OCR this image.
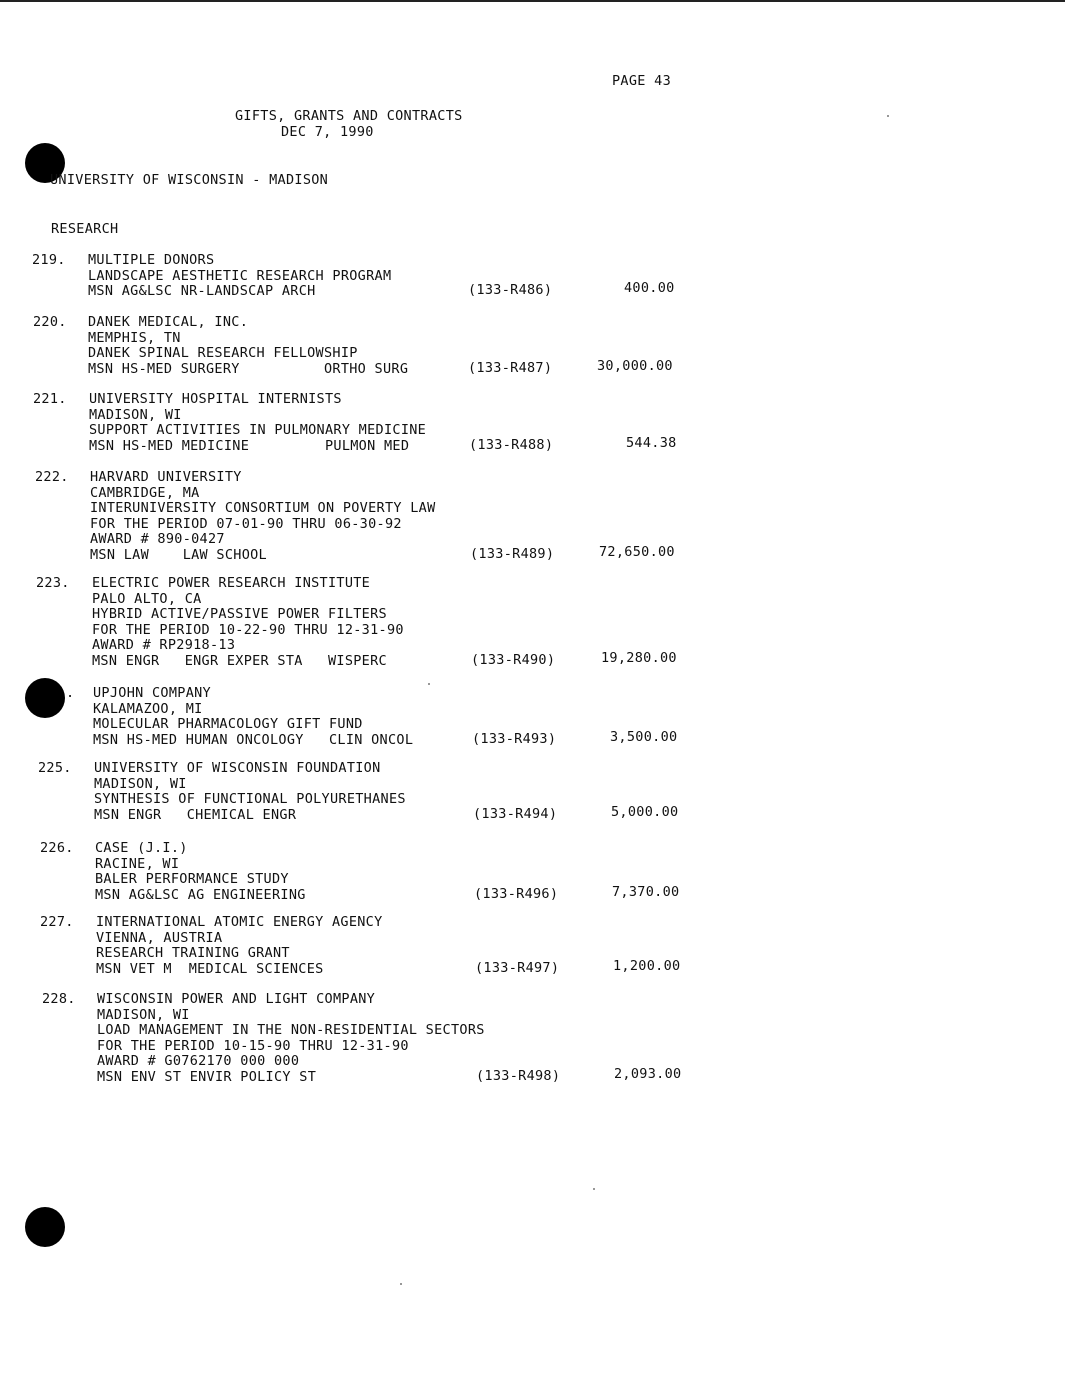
PAGE 43
GIFTS, GRANTS AND CONTRACTS
DEC 7, 1990
UNIVERSITY OF WISCONSIN - MADISON
RESEARCH
219. MULTIPLE DONORS
LANDSCAPE AESTHETIC RESEARCH PROGRAM
MSN AG&LSC NR-LANDSCAP ARCH	(133-R486)	400.00
220. DANEK MEDICAL, INC.
MEMPHIS, TN
DANEK SPINAL RESEARCH FELLOWSHIP
MSN HS-MED SURGERY          ORTHO SURG	(133-R487)	30,000.00
221. UNIVERSITY HOSPITAL INTERNISTS
MADISON, WI
SUPPORT ACTIVITIES IN PULMONARY MEDICINE
MSN HS-MED MEDICINE         PULMON MED	(133-R488)	544.38
222. HARVARD UNIVERSITY
CAMBRIDGE, MA
INTERUNIVERSITY CONSORTIUM ON POVERTY LAW
FOR THE PERIOD 07-01-90 THRU 06-30-92
AWARD # 890-0427
MSN LAW    LAW SCHOOL	(133-R489)	72,650.00
223. ELECTRIC POWER RESEARCH INSTITUTE
PALO ALTO, CA
HYBRID ACTIVE/PASSIVE POWER FILTERS
FOR THE PERIOD 10-22-90 THRU 12-31-90
AWARD # RP2918-13
MSN ENGR   ENGR EXPER STA   WISPERC	(133-R490)	19,280.00
. UPJOHN COMPANY
KALAMAZOO, MI
MOLECULAR PHARMACOLOGY GIFT FUND
MSN HS-MED HUMAN ONCOLOGY   CLIN ONCOL	(133-R493)	3,500.00
225. UNIVERSITY OF WISCONSIN FOUNDATION
MADISON, WI
SYNTHESIS OF FUNCTIONAL POLYURETHANES
MSN ENGR   CHEMICAL ENGR	(133-R494)	5,000.00
226. CASE (J.I.)
RACINE, WI
BALER PERFORMANCE STUDY
MSN AG&LSC AG ENGINEERING	(133-R496)	7,370.00
227. INTERNATIONAL ATOMIC ENERGY AGENCY
VIENNA, AUSTRIA
RESEARCH TRAINING GRANT
MSN VET M  MEDICAL SCIENCES	(133-R497)	1,200.00
228. WISCONSIN POWER AND LIGHT COMPANY
MADISON, WI
LOAD MANAGEMENT IN THE NON-RESIDENTIAL SECTORS
FOR THE PERIOD 10-15-90 THRU 12-31-90
AWARD # G0762170 000 000
MSN ENV ST ENVIR POLICY ST	(133-R498)	2,093.00
